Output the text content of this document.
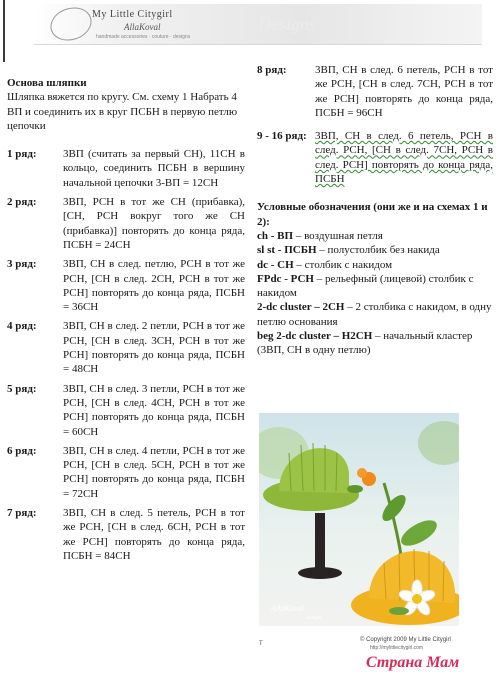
My Little Citygirl
AllaKoval
handmade accessories · couture · designs
Designs
Основа шляпки
Шляпка вяжется по кругу. См. схему 1 Набрать 4 ВП и соединить их в круг ПСБН в первую петлю цепочки
1 ряд:	3ВП (считать за первый СН), 11СН в кольцо, соединить ПСБН в вершину начальной цепочки 3-ВП = 12СН
2 ряд:	3ВП, РСН в тот же СН (прибавка), [СН, РСН вокруг того же СН (прибавка)] повторять до конца ряда, ПСБН = 24СН
3 ряд:	3ВП, СН в след. петлю, РСН в тот же РСН, [СН в след. 2СН, РСН в тот же РСН] повторять до конца ряда, ПСБН = 36СН
4 ряд:	3ВП, СН в след. 2 петли, РСН в тот же РСН, [СН в след. 3СН, РСН в тот же РСН] повторять до конца ряда, ПСБН = 48СН
5 ряд:	3ВП, СН в след. 3 петли, РСН в тот же РСН, [СН в след. 4СН, РСН в тот же РСН] повторять до конца ряда, ПСБН = 60СН
6 ряд:	3ВП, СН в след. 4 петли, РСН в тот же РСН, [СН в след. 5СН, РСН в тот же РСН] повторять до конца ряда, ПСБН = 72СН
7 ряд:	3ВП, СН в след. 5 петель, РСН в тот же РСН, [СН в след. 6СН, РСН в тот же РСН] повторять до конца ряда, ПСБН = 84СН
8 ряд:	3ВП, СН в след. 6 петель, РСН в тот же РСН, [СН в след. 7СН, РСН в тот же РСН] повторять до конца ряда, ПСБН = 96СН
9 - 16 ряд: 3ВП, СН в след. 6 петель, РСН в след. РСН, [СН в след. 7СН, РСН в след. РСН] повторять до конца ряда, ПСБН
Условные обозначения (они же и на схемах 1 и 2):
ch - ВП – воздушная петля
sl st - ПСБН – полустолбик без накида
dc - СН – столбик с накидом
FPdc - РСН – рельефный (лицевой) столбик с накидом
2-dc cluster – 2СН – 2 столбика с накидом, в одну петлю основания
beg 2-dc cluster – Н2СН – начальный кластер (3ВП, СН в одну петлю)
AllaKoval
designs
T
© Copyright 2009 My Little Citygirl
http://mylittlecitygirl.com
Страна Мам
